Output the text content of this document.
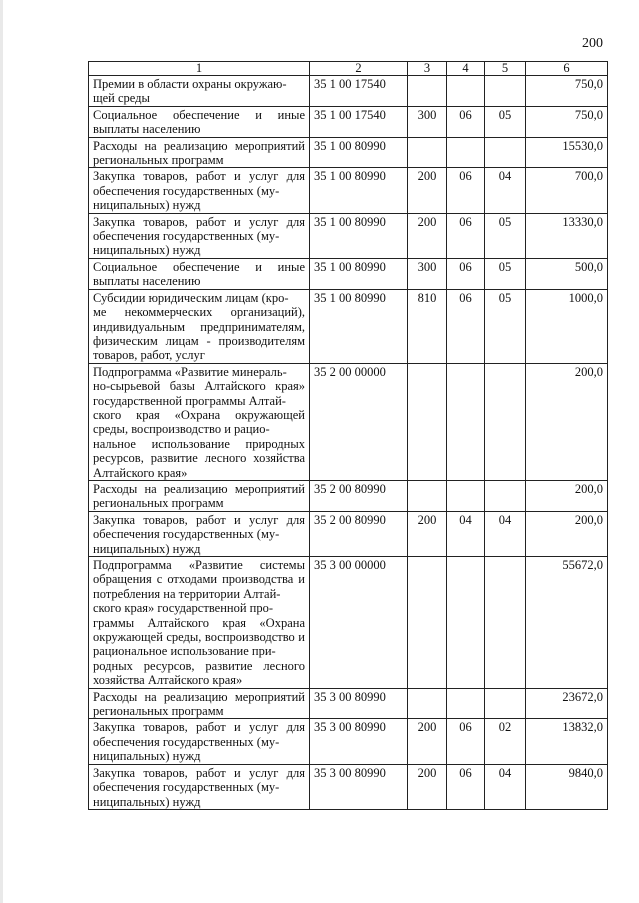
200
1	2	3	4	5	6
Премии в области охраны окружаю-
щей среды	35 1 00 17540				750,0
Социальное обеспечение и иные выплаты населению	35 1 00 17540	300	06	05	750,0
Расходы на реализацию мероприятий региональных программ	35 1 00 80990				15530,0
Закупка товаров, работ и услуг для обеспечения государственных (му-
ниципальных) нужд	35 1 00 80990	200	06	04	700,0
Закупка товаров, работ и услуг для обеспечения государственных (му-
ниципальных) нужд	35 1 00 80990	200	06	05	13330,0
Социальное обеспечение и иные выплаты населению	35 1 00 80990	300	06	05	500,0
Субсидии юридическим лицам (кро-
ме некоммерческих организаций), индивидуальным предпринимателям, физическим лицам - производителям товаров, работ, услуг	35 1 00 80990	810	06	05	1000,0
Подпрограмма «Развитие минераль-
но-сырьевой базы Алтайского края» государственной программы Алтай-
ского края «Охрана окружающей среды, воспроизводство и рацио-
нальное использование природных ресурсов, развитие лесного хозяйства Алтайского края»	35 2 00 00000				200,0
Расходы на реализацию мероприятий региональных программ	35 2 00 80990				200,0
Закупка товаров, работ и услуг для обеспечения государственных (му-
ниципальных) нужд	35 2 00 80990	200	04	04	200,0
Подпрограмма «Развитие системы обращения с отходами производства и потребления на территории Алтай-
ского края» государственной про-
граммы Алтайского края «Охрана окружающей среды, воспроизводство и рациональное использование при-
родных ресурсов, развитие лесного хозяйства Алтайского края»	35 3 00 00000				55672,0
Расходы на реализацию мероприятий региональных программ	35 3 00 80990				23672,0
Закупка товаров, работ и услуг для обеспечения государственных (му-
ниципальных) нужд	35 3 00 80990	200	06	02	13832,0
Закупка товаров, работ и услуг для обеспечения государственных (му-
ниципальных) нужд	35 3 00 80990	200	06	04	9840,0
